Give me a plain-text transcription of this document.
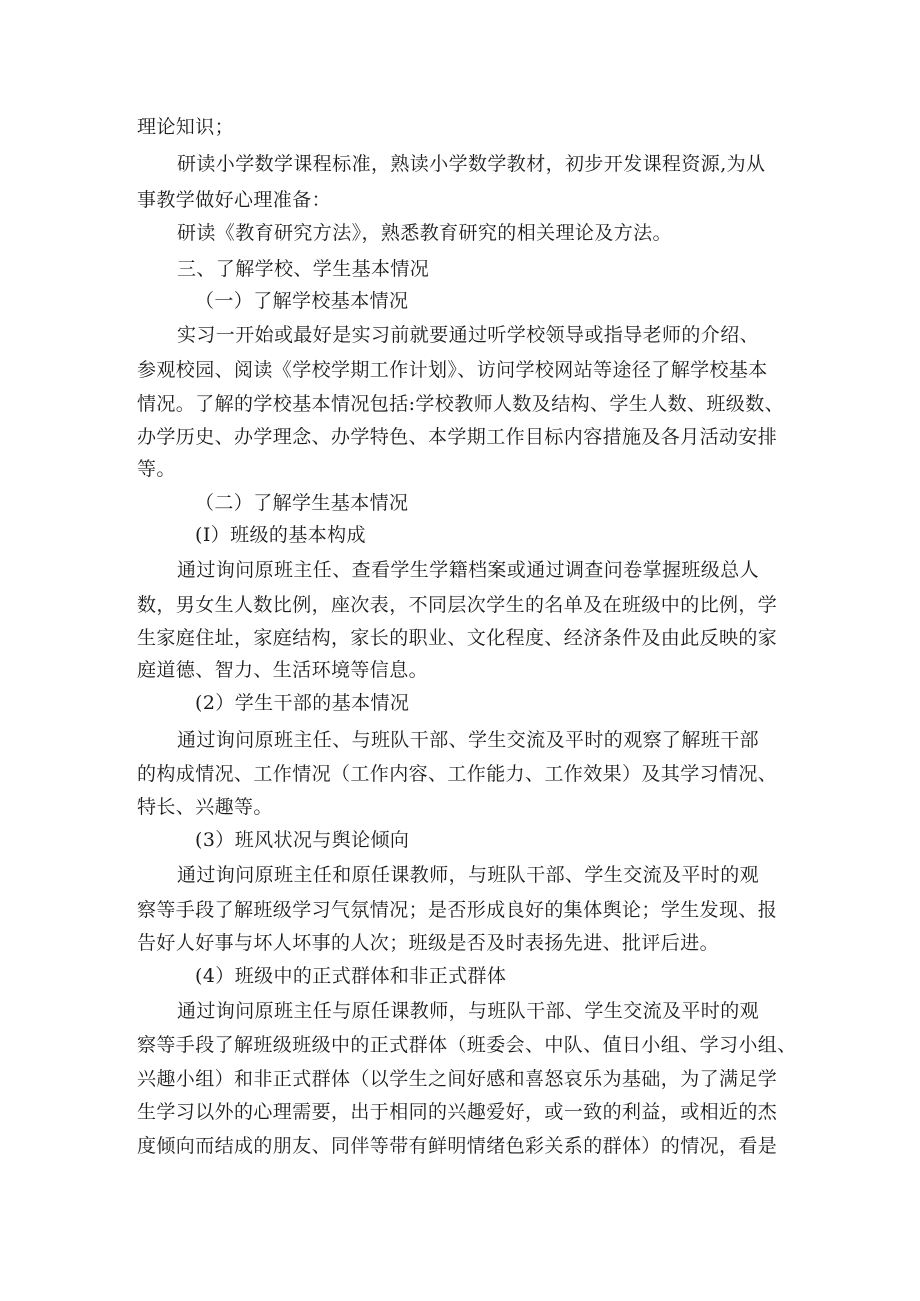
理论知识；
研读小学数学课程标准，熟读小学数学教材，初步开发课程资源,为从
事教学做好心理准备：
研读《教育研究方法》，熟悉教育研究的相关理论及方法。
三、了解学校、学生基本情况
（一）了解学校基本情况
实习一开始或最好是实习前就要通过听学校领导或指导老师的介绍、
参观校园、阅读《学校学期工作计划》、访问学校网站等途径了解学校基本
情况。了解的学校基本情况包括:学校教师人数及结构、学生人数、班级数、
办学历史、办学理念、办学特色、本学期工作目标内容措施及各月活动安排
等。
（二）了解学生基本情况
(I）班级的基本构成
通过询问原班主任、查看学生学籍档案或通过调查问卷掌握班级总人
数，男女生人数比例，座次表，不同层次学生的名单及在班级中的比例，学
生家庭住址，家庭结构，家长的职业、文化程度、经济条件及由此反映的家
庭道德、智力、生活环境等信息。
(2）学生干部的基本情况
通过询问原班主任、与班队干部、学生交流及平时的观察了解班干部
的构成情况、工作情况（工作内容、工作能力、工作效果）及其学习情况、
特长、兴趣等。
(3）班风状况与舆论倾向
通过询问原班主任和原任课教师，与班队干部、学生交流及平时的观
察等手段了解班级学习气氛情况；是否形成良好的集体舆论；学生发现、报
告好人好事与坏人坏事的人次；班级是否及时表扬先进、批评后进。
(4）班级中的正式群体和非正式群体
通过询问原班主任与原任课教师，与班队干部、学生交流及平时的观
察等手段了解班级班级中的正式群体（班委会、中队、值日小组、学习小组、
兴趣小组）和非正式群体（以学生之间好感和喜怒哀乐为基础，为了满足学
生学习以外的心理需要，出于相同的兴趣爱好，或一致的利益，或相近的杰
度倾向而结成的朋友、同伴等带有鲜明情绪色彩关系的群体）的情况，看是
